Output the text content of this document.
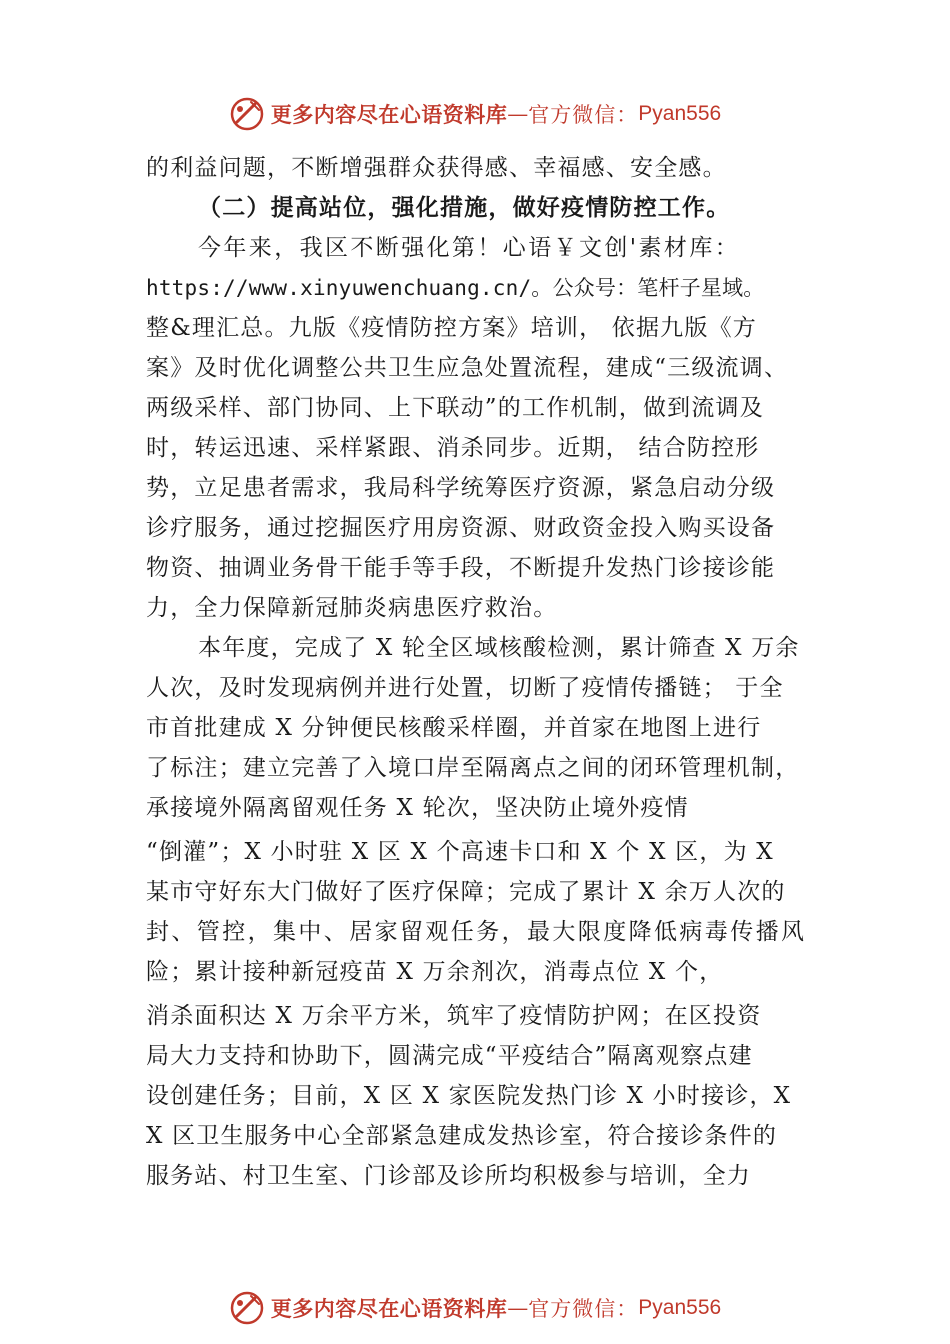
更多内容尽在心语资料库 — 官方微信： Pyan556
的利益问题，不断增强群众获得感、幸福感、安全感。
（二）提高站位，强化措施，做好疫情防控工作。
今年来，我区不断强化第！心语￥文创'素材库：
https://www.xinyuwenchuang.cn/。公众号：笔杆子星域。
整&理汇总。九版《疫情防控方案》培训， 依据九版《方
案》及时优化调整公共卫生应急处置流程，建成“三级流调、
两级采样、部门协同、上下联动”的工作机制，做到流调及
时，转运迅速、采样紧跟、消杀同步。近期， 结合防控形
势，立足患者需求，我局科学统筹医疗资源，紧急启动分级
诊疗服务，通过挖掘医疗用房资源、财政资金投入购买设备
物资、抽调业务骨干能手等手段，不断提升发热门诊接诊能
力，全力保障新冠肺炎病患医疗救治。
本年度，完成了 X 轮全区域核酸检测，累计筛查 X 万余
人次，及时发现病例并进行处置，切断了疫情传播链； 于全
市首批建成 X 分钟便民核酸采样圈，并首家在地图上进行
了标注；建立完善了入境口岸至隔离点之间的闭环管理机制，
承接境外隔离留观任务 X 轮次，坚决防止境外疫情
“倒灌”；X 小时驻 X 区 X 个高速卡口和 X 个 X 区，为 X
某市守好东大门做好了医疗保障；完成了累计 X 余万人次的
封、管控，集中、居家留观任务，最大限度降低病毒传播风
险；累计接种新冠疫苗 X 万余剂次，消毒点位 X 个，
消杀面积达 X 万余平方米，筑牢了疫情防护网；在区投资
局大力支持和协助下，圆满完成“平疫结合”隔离观察点建
设创建任务；目前，X 区 X 家医院发热门诊 X 小时接诊，X
X 区卫生服务中心全部紧急建成发热诊室，符合接诊条件的
服务站、村卫生室、门诊部及诊所均积极参与培训，全力
更多内容尽在心语资料库 — 官方微信： Pyan556
